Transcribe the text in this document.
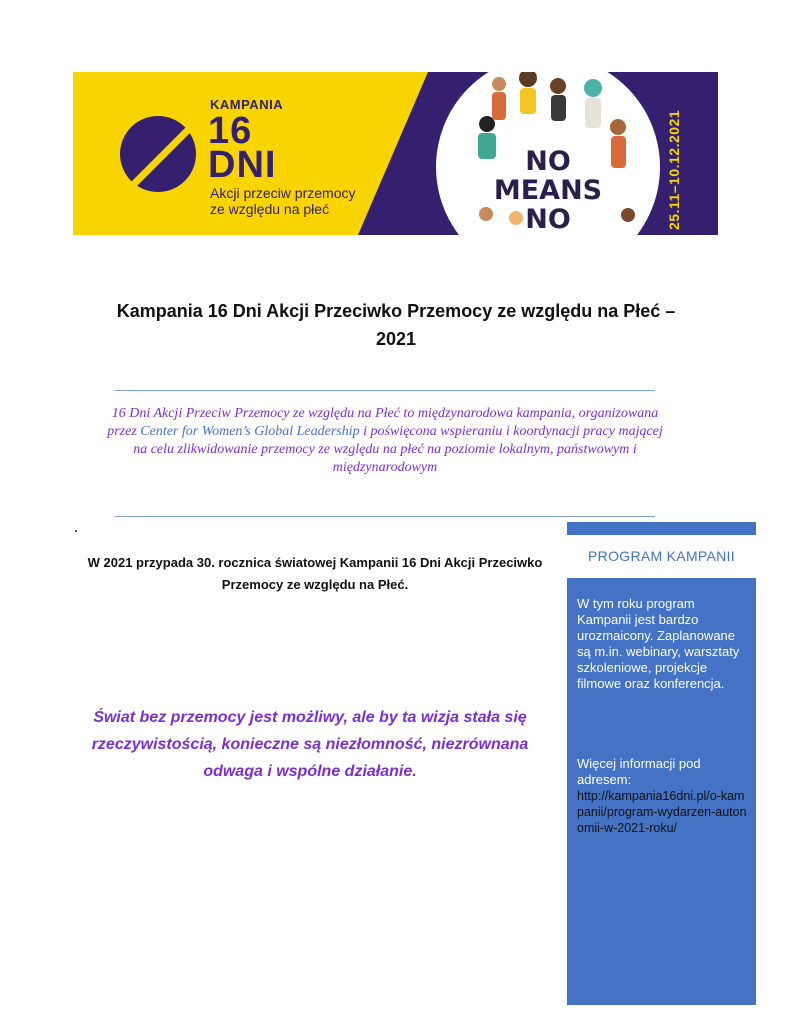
NO
MEANS
NO
KAMPANIA
16
DNI
Akcji przeciw przemocy
ze względu na płeć	25.11–10.12.2021
Kampania 16 Dni Akcji Przeciwko Przemocy ze względu na Płeć –
2021
16 Dni Akcji Przeciw Przemocy ze względu na Płeć to międzynarodowa kampania, organizowana przez Center for Women’s Global Leadership i poświęcona wspieraniu i koordynacji pracy mającej na celu zlikwidowanie przemocy ze względu na płeć na poziomie lokalnym, państwowym i międzynarodowym
W 2021 przypada 30. rocznica światowej Kampanii 16 Dni Akcji Przeciwko
Przemocy ze względu na Płeć.
Świat bez przemocy jest możliwy, ale by ta wizja stała się rzeczywistością, konieczne są niezłomność, niezrównana odwaga i wspólne działanie.
PROGRAM KAMPANII

W tym roku program Kampanii jest bardzo urozmaicony. Zaplanowane są m.in. webinary, warsztaty szkoleniowe, projekcje filmowe oraz konferencja.

Więcej informacji pod adresem:

http://kampania16dni.pl/o-kampanii/program-wydarzen-autonomii-w-2021-roku/
